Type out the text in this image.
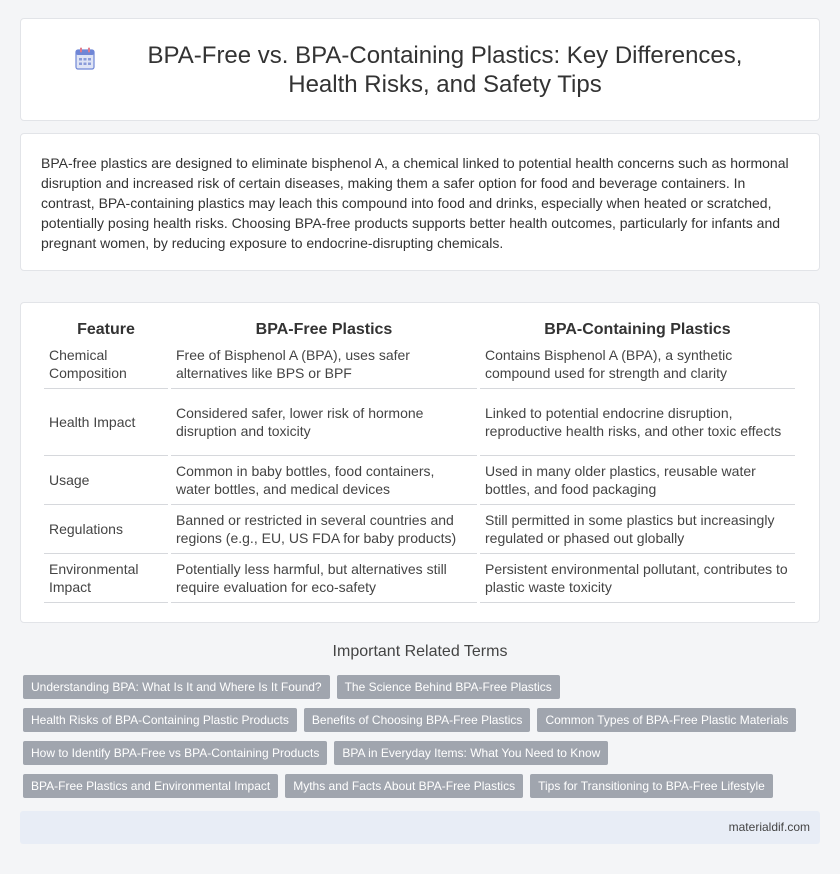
BPA-Free vs. BPA-Containing Plastics: Key Differences, Health Risks, and Safety Tips

BPA-free plastics are designed to eliminate bisphenol A, a chemical linked to potential health concerns such as hormonal disruption and increased risk of certain diseases, making them a safer option for food and beverage containers. In contrast, BPA-containing plastics may leach this compound into food and drinks, especially when heated or scratched, potentially posing health risks. Choosing BPA-free products supports better health outcomes, particularly for infants and pregnant women, by reducing exposure to endocrine-disrupting chemicals.

Feature	BPA-Free Plastics	BPA-Containing Plastics
Chemical Composition	Free of Bisphenol A (BPA), uses safer alternatives like BPS or BPF	Contains Bisphenol A (BPA), a synthetic compound used for strength and clarity
Health Impact	Considered safer, lower risk of hormone disruption and toxicity	Linked to potential endocrine disruption, reproductive health risks, and other toxic effects
Usage	Common in baby bottles, food containers, water bottles, and medical devices	Used in many older plastics, reusable water bottles, and food packaging
Regulations	Banned or restricted in several countries and regions (e.g., EU, US FDA for baby products)	Still permitted in some plastics but increasingly regulated or phased out globally
Environmental Impact	Potentially less harmful, but alternatives still require evaluation for eco-safety	Persistent environmental pollutant, contributes to plastic waste toxicity
Important Related Terms
Understanding BPA: What Is It and Where Is It Found?	The Science Behind BPA-Free Plastics
Health Risks of BPA-Containing Plastic Products	Benefits of Choosing BPA-Free Plastics	Common Types of BPA-Free Plastic Materials
How to Identify BPA-Free vs BPA-Containing Products	BPA in Everyday Items: What You Need to Know
BPA-Free Plastics and Environmental Impact	Myths and Facts About BPA-Free Plastics	Tips for Transitioning to BPA-Free Lifestyle
materialdif.com
